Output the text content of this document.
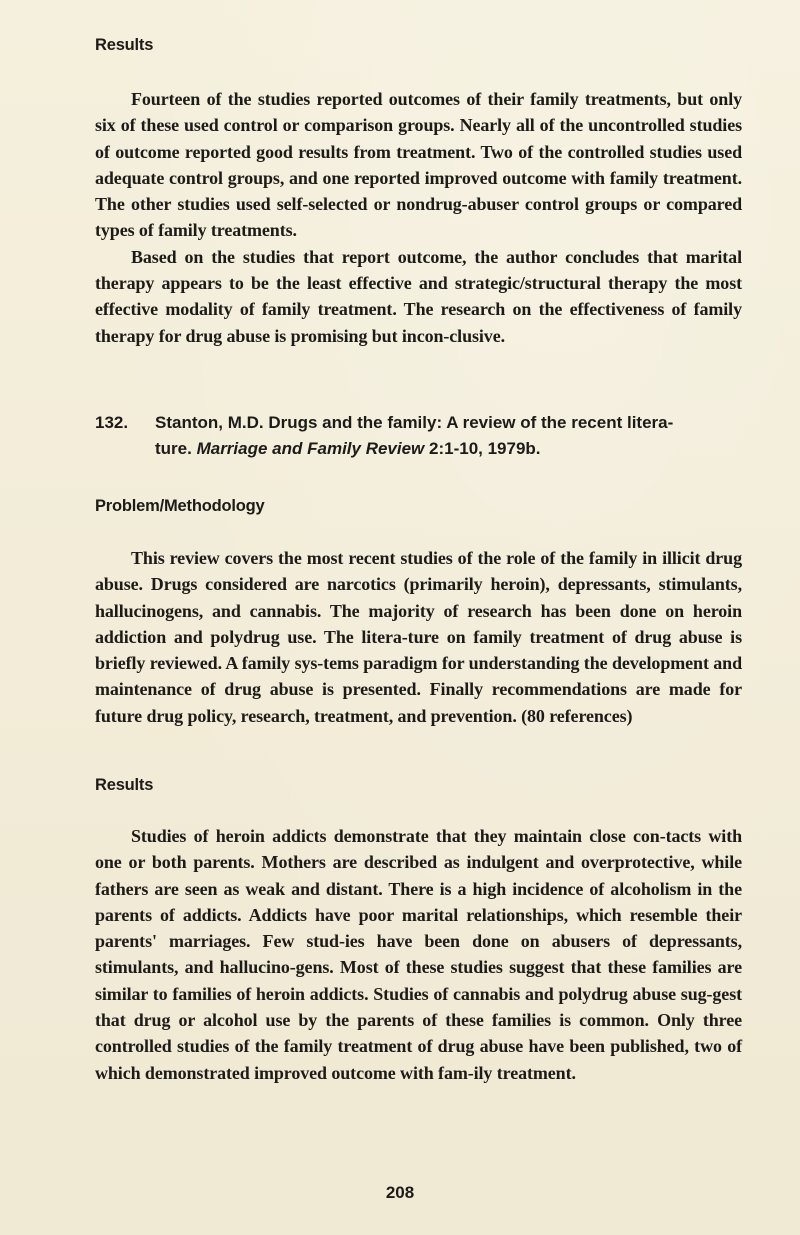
Results

Fourteen of the studies reported outcomes of their family treatments, but only six of these used control or comparison groups. Nearly all of the uncontrolled studies of outcome reported good results from treatment. Two of the controlled studies used adequate control groups, and one reported improved outcome with family treatment. The other studies used self-selected or nondrug-abuser control groups or compared types of family treatments.

Based on the studies that report outcome, the author concludes that marital therapy appears to be the least effective and strategic/structural therapy the most effective modality of family treatment. The research on the effectiveness of family therapy for drug abuse is promising but incon-clusive.

132.	Stanton, M.D. Drugs and the family: A review of the recent litera-
ture. Marriage and Family Review 2:1-10, 1979b.
Problem/Methodology

This review covers the most recent studies of the role of the family in illicit drug abuse. Drugs considered are narcotics (primarily heroin), depressants, stimulants, hallucinogens, and cannabis. The majority of research has been done on heroin addiction and polydrug use. The litera-ture on family treatment of drug abuse is briefly reviewed. A family sys-tems paradigm for understanding the development and maintenance of drug abuse is presented. Finally recommendations are made for future drug policy, research, treatment, and prevention. (80 references)

Results

Studies of heroin addicts demonstrate that they maintain close con-tacts with one or both parents. Mothers are described as indulgent and overprotective, while fathers are seen as weak and distant. There is a high incidence of alcoholism in the parents of addicts. Addicts have poor marital relationships, which resemble their parents' marriages. Few stud-ies have been done on abusers of depressants, stimulants, and hallucino-gens. Most of these studies suggest that these families are similar to families of heroin addicts. Studies of cannabis and polydrug abuse sug-gest that drug or alcohol use by the parents of these families is common. Only three controlled studies of the family treatment of drug abuse have been published, two of which demonstrated improved outcome with fam-ily treatment.

208
